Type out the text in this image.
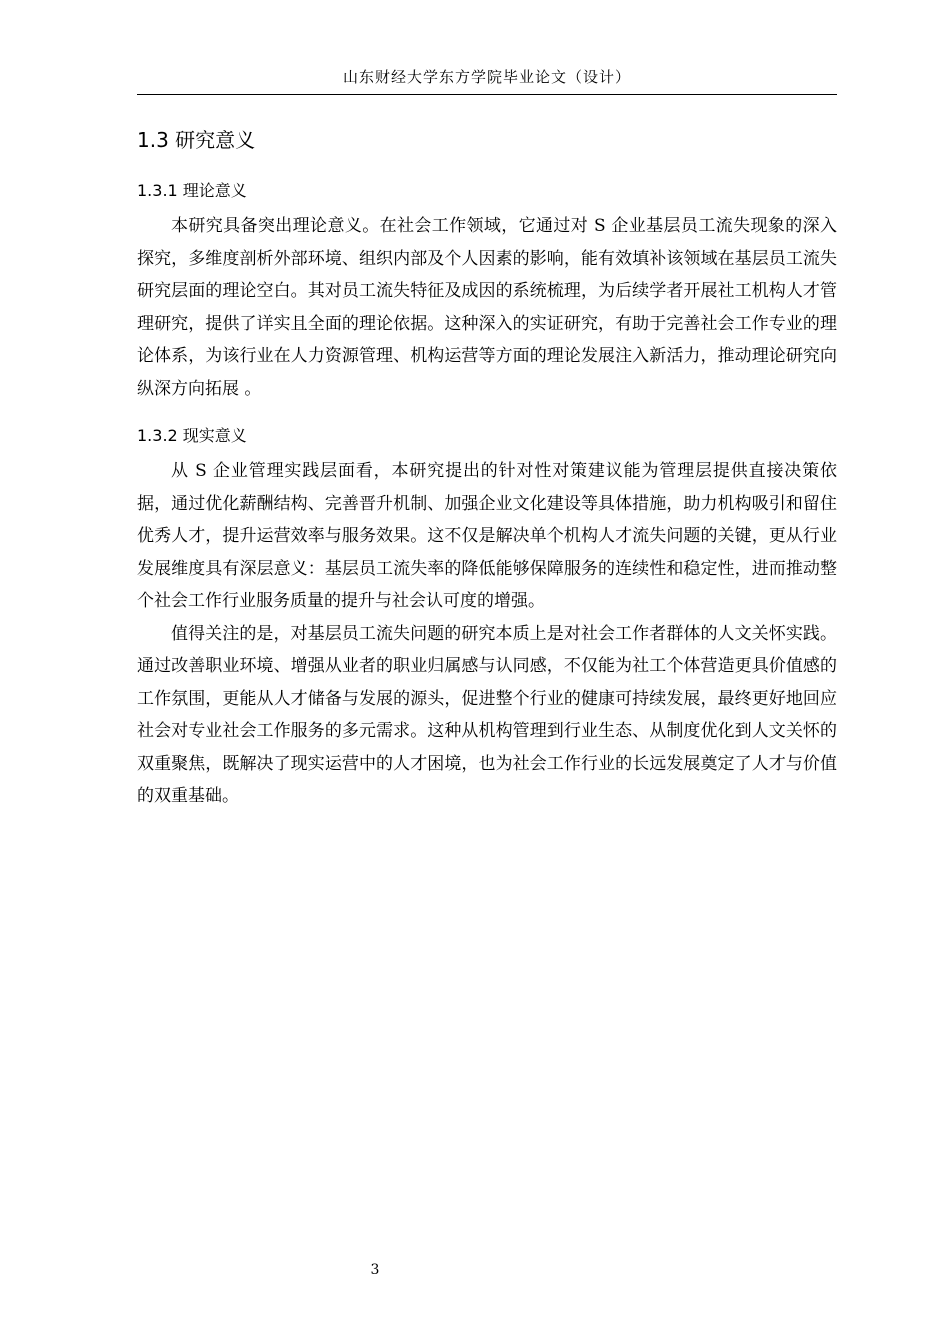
山东财经大学东方学院毕业论文（设计）
1.3 研究意义
1.3.1 理论意义

本研究具备突出理论意义。在社会工作领域，它通过对 S 企业基层员工流失现象的深入探究，多维度剖析外部环境、组织内部及个人因素的影响，能有效填补该领域在基层员工流失研究层面的理论空白。其对员工流失特征及成因的系统梳理，为后续学者开展社工机构人才管理研究，提供了详实且全面的理论依据。这种深入的实证研究，有助于完善社会工作专业的理论体系，为该行业在人力资源管理、机构运营等方面的理论发展注入新活力，推动理论研究向纵深方向拓展 。

1.3.2 现实意义

从 S 企业管理实践层面看，本研究提出的针对性对策建议能为管理层提供直接决策依据，通过优化薪酬结构、完善晋升机制、加强企业文化建设等具体措施，助力机构吸引和留住优秀人才，提升运营效率与服务效果。这不仅是解决单个机构人才流失问题的关键，更从行业发展维度具有深层意义：基层员工流失率的降低能够保障服务的连续性和稳定性，进而推动整个社会工作行业服务质量的提升与社会认可度的增强。

值得关注的是，对基层员工流失问题的研究本质上是对社会工作者群体的人文关怀实践。通过改善职业环境、增强从业者的职业归属感与认同感，不仅能为社工个体营造更具价值感的工作氛围，更能从人才储备与发展的源头，促进整个行业的健康可持续发展，最终更好地回应社会对专业社会工作服务的多元需求。这种从机构管理到行业生态、从制度优化到人文关怀的双重聚焦，既解决了现实运营中的人才困境，也为社会工作行业的长远发展奠定了人才与价值的双重基础。

3
